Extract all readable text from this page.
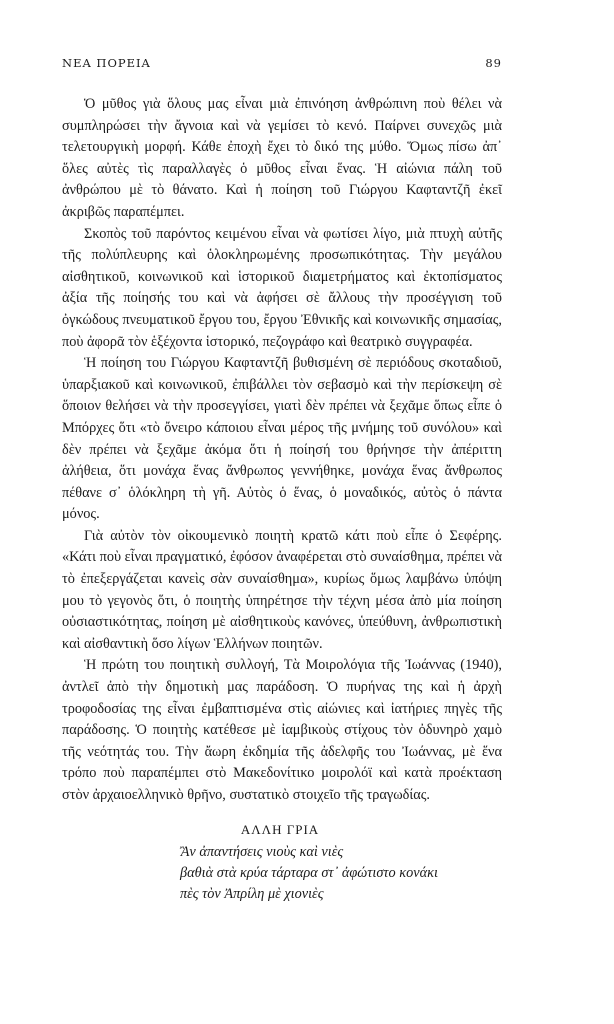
ΝΕΑ ΠΟΡΕΙΑ	89

Ὁ μῦθος γιὰ ὅλους μας εἶναι μιὰ ἐπινόηση ἀνθρώπινη ποὺ θέλει νὰ συμπληρώσει τὴν ἄγνοια καὶ νὰ γεμίσει τὸ κενό. Παίρνει συνεχῶς μιὰ τελετουργικὴ μορφή. Κάθε ἐποχὴ ἔχει τὸ δικό της μύθο. Ὅμως πίσω ἀπ᾽ ὅλες αὐτὲς τὶς παραλλαγὲς ὁ μῦθος εἶναι ἕνας. Ἡ αἰώνια πάλη τοῦ ἀνθρώπου μὲ τὸ θάνατο. Καὶ ἡ ποίηση τοῦ Γιώργου Καφταντζῆ ἐκεῖ ἀκριβῶς παραπέμπει.

Σκοπὸς τοῦ παρόντος κειμένου εἶναι νὰ φωτίσει λίγο, μιὰ πτυχὴ αὐτῆς τῆς πολύπλευρης καὶ ὁλοκληρωμένης προσωπικότητας. Τὴν μεγάλου αἰσθητικοῦ, κοινωνικοῦ καὶ ἱστορικοῦ διαμετρήματος καὶ ἐκτοπίσματος ἀξία τῆς ποίησής του καὶ νὰ ἀφήσει σὲ ἄλλους τὴν προσέγγιση τοῦ ὀγκώδους πνευματικοῦ ἔργου του, ἔργου Ἐθνικῆς καὶ κοινωνικῆς σημασίας, ποὺ ἀφορᾶ τὸν ἑξέχοντα ἱστορικό, πεζογράφο καὶ θεατρικὸ συγγραφέα.

Ἡ ποίηση του Γιώργου Καφταντζῆ βυθισμένη σὲ περιόδους σκοταδιοῦ, ὑπαρξιακοῦ καὶ κοινωνικοῦ, ἐπιβάλλει τὸν σεβασμὸ καὶ τὴν περίσκεψη σὲ ὅποιον θελήσει νὰ τὴν προσεγγίσει, γιατὶ δὲν πρέπει νὰ ξεχᾶμε ὅπως εἶπε ὁ Μπόρχες ὅτι «τὸ ὄνειρο κάποιου εἶναι μέρος τῆς μνήμης τοῦ συνόλου» καὶ δὲν πρέπει νὰ ξεχᾶμε ἀκόμα ὅτι ἡ ποίησή του θρήνησε τὴν ἀπέριττη ἀλήθεια, ὅτι μονάχα ἕνας ἄνθρωπος γεννήθηκε, μονάχα ἕνας ἄνθρωπος πέθανε σ᾽ ὁλόκληρη τὴ γῆ. Αὐτὸς ὁ ἕνας, ὁ μοναδικός, αὐτὸς ὁ πάντα μόνος.

Γιὰ αὐτὸν τὸν οἰκουμενικὸ ποιητὴ κρατῶ κάτι ποὺ εἶπε ὁ Σεφέρης. «Κάτι ποὺ εἶναι πραγματικό, ἐφόσον ἀναφέρεται στὸ συναίσθημα, πρέπει νὰ τὸ ἐπεξεργάζεται κανεὶς σὰν συναίσθημα», κυρίως ὅμως λαμβάνω ὑπόψη μου τὸ γεγονὸς ὅτι, ὁ ποιητὴς ὑπηρέτησε τὴν τέχνη μέσα ἀπὸ μία ποίηση οὐσιαστικότητας, ποίηση μὲ αἰσθητικοὺς κανόνες, ὑπεύθυνη, ἀνθρωπιστικὴ καὶ αἰσθαντικὴ ὅσο λίγων Ἑλλήνων ποιητῶν.

Ἡ πρώτη του ποιητικὴ συλλογή, Τὰ Μοιρολόγια τῆς Ἰωάννας (1940), ἀντλεῖ ἀπὸ τὴν δημοτικὴ μας παράδοση. Ὁ πυρήνας της καὶ ἡ ἀρχὴ τροφοδοσίας της εἶναι ἐμβαπτισμένα στὶς αἰώνιες καὶ ἰατήριες πηγὲς τῆς παράδοσης. Ὁ ποιητὴς κατέθεσε μὲ ἰαμβικοὺς στίχους τὸν ὀδυνηρὸ χαμὸ τῆς νεότητάς του. Τὴν ἄωρη ἐκδημία τῆς ἀδελφῆς του Ἰωάννας, μὲ ἕνα τρόπο ποὺ παραπέμπει στὸ Μακεδονίτικο μοιρολόϊ καὶ κατὰ προέκταση στὸν ἀρχαιοελληνικὸ θρῆνο, συστατικὸ στοιχεῖο τῆς τραγωδίας.

ΑΛΛΗ ΓΡΙΑ
Ἂν ἀπαντήσεις νιοὺς καὶ νιὲς
βαθιὰ στὰ κρύα τάρταρα στ᾽ ἀφώτιστο κονάκι
πὲς τὸν Ἀπρίλη μὲ χιονιὲς
